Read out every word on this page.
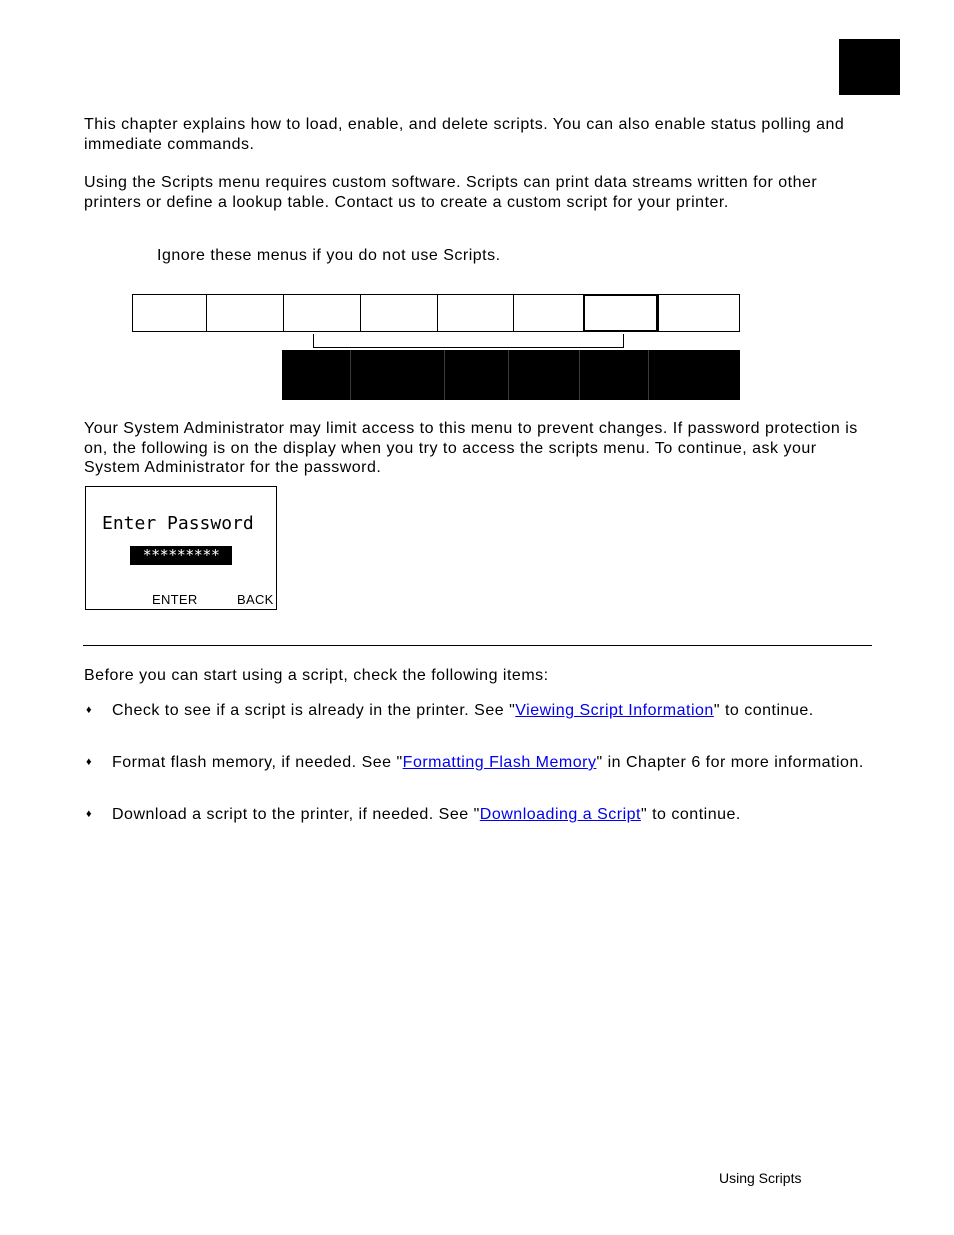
This chapter explains how to load, enable, and delete scripts. You can also enable status polling and immediate commands.

Using the Scripts menu requires custom software. Scripts can print data streams written for other printers or define a lookup table. Contact us to create a custom script for your printer.

Ignore these menus if you do not use Scripts.

Your System Administrator may limit access to this menu to prevent changes. If password protection is on, the following is on the display when you try to access the scripts menu. To continue, ask your System Administrator for the password.

Enter Password
*********
ENTER	BACK

Before you can start using a script, check the following items:

♦ Check to see if a script is already in the printer. See "Viewing Script Information" to continue.

♦ Format flash memory, if needed. See "Formatting Flash Memory" in Chapter 6 for more information.

♦ Download a script to the printer, if needed. See "Downloading a Script" to continue.

Using Scripts
